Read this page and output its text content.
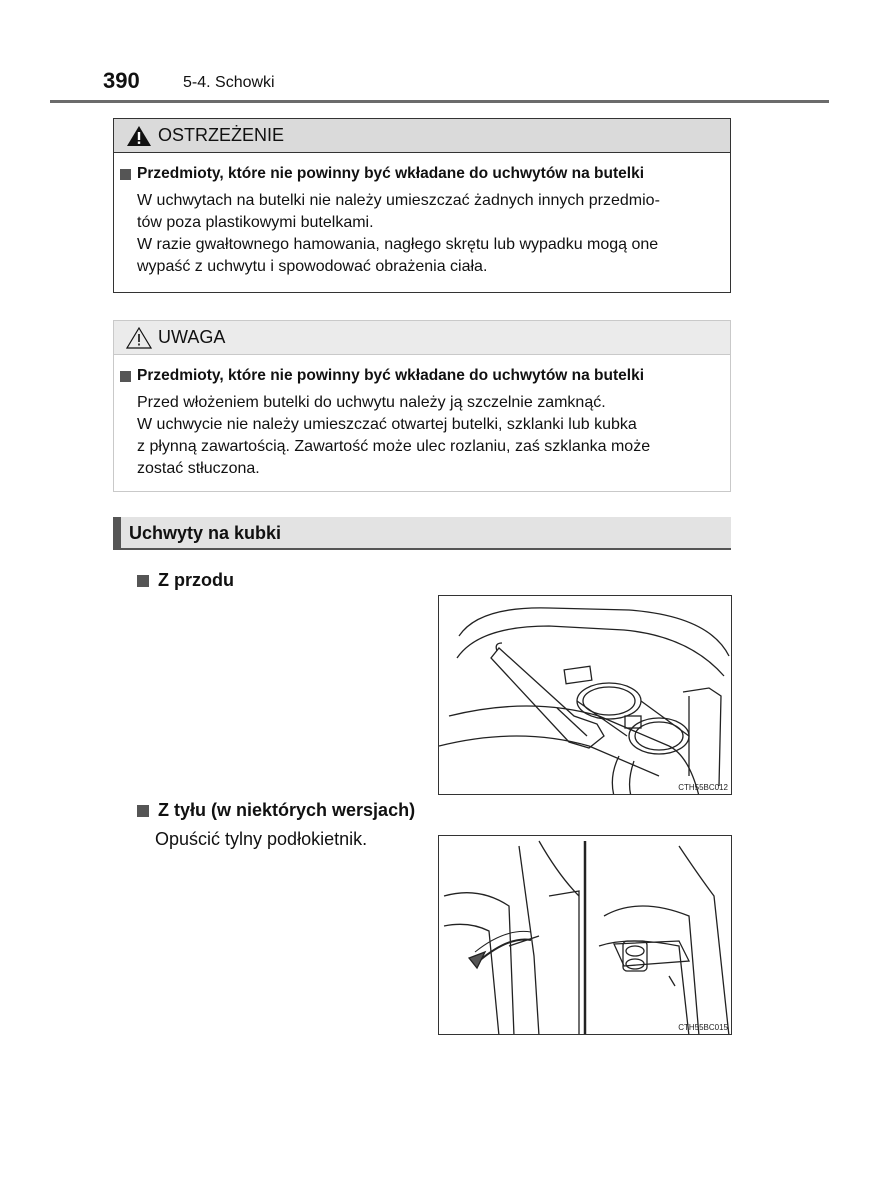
390	5-4. Schowki
OSTRZEŻENIE
Przedmioty, które nie powinny być wkładane do uchwytów na butelki

W uchwytach na butelki nie należy umieszczać żadnych innych przedmio-

tów poza plastikowymi butelkami.

W razie gwałtownego hamowania, nagłego skrętu lub wypadku mogą one

wypaść z uchwytu i spowodować obrażenia ciała.

UWAGA
Przedmioty, które nie powinny być wkładane do uchwytów na butelki

Przed włożeniem butelki do uchwytu należy ją szczelnie zamknąć.

W uchwycie nie należy umieszczać otwartej butelki, szklanki lub kubka

z płynną zawartością. Zawartość może ulec rozlaniu, zaś szklanka może

zostać stłuczona.

Uchwyty na kubki
Z przodu
CTH55BC012
Z tyłu (w niektórych wersjach)
Opuścić tylny podłokietnik.
CTH55BC015
